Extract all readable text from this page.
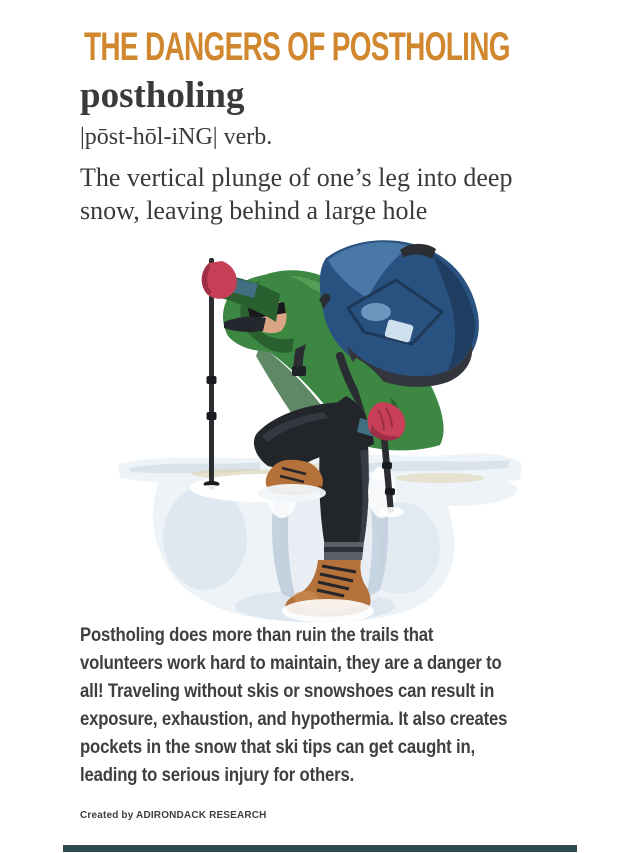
THE DANGERS OF POSTHOLING
postholing
|pōst-hōl-iNG| verb.
The vertical plunge of one’s leg into deep
snow, leaving behind a large hole
Postholing does more than ruin the trails that
volunteers work hard to maintain, they are a danger to
all! Traveling without skis or snowshoes can result in
exposure, exhaustion, and hypothermia. It also creates
pockets in the snow that ski tips can get caught in,
leading to serious injury for others.
Created by ADIRONDACK RESEARCH
